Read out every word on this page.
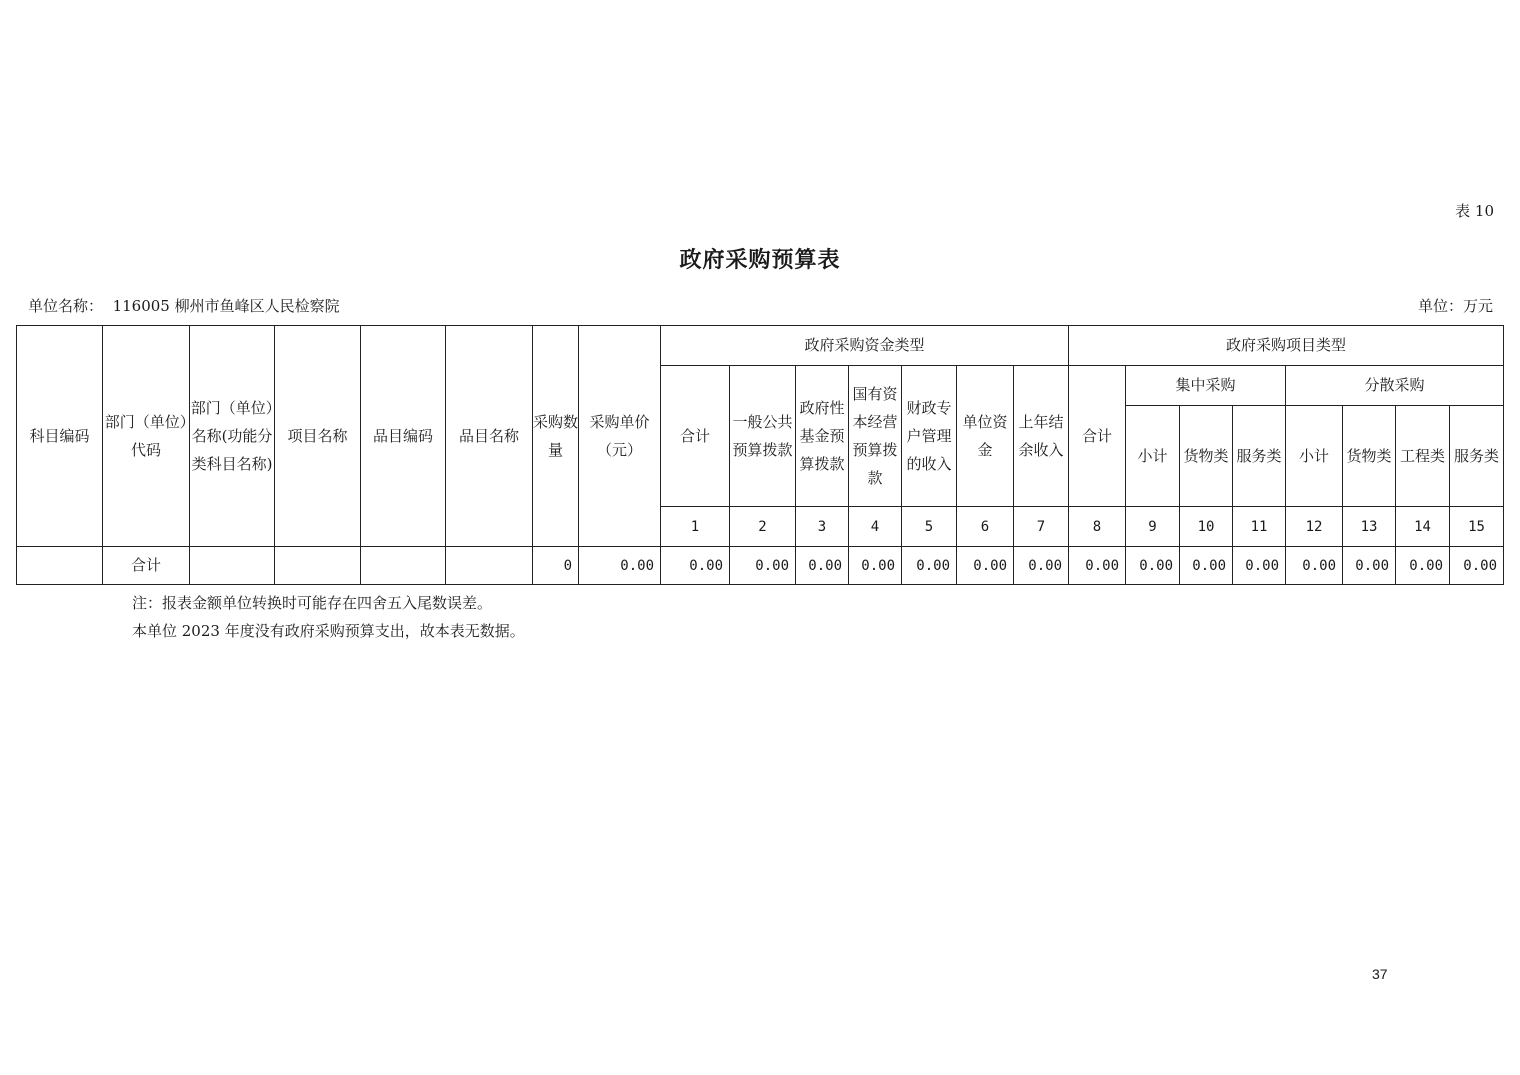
表 10
政府采购预算表
单位名称： 116005 柳州市鱼峰区人民检察院	单位：万元
科目编码	部门（单位）代码	部门（单位）名称(功能分类科目名称)	项目名称	品目编码	品目名称	采购数量	采购单价（元）	政府采购资金类型							政府采购项目类型							
								合计	一般公共预算拨款	政府性基金预算拨款	国有资本经营预算拨款	财政专户管理的收入	单位资金	上年结余收入	合计	集中采购			分散采购			
																小计	货物类	服务类	小计	货物类	工程类	服务类
								1	2	3	4	5	6	7	8	9	10	11	12	13	14	15
	合计					0	0.00	0.00	0.00	0.00	0.00	0.00	0.00	0.00	0.00	0.00	0.00	0.00	0.00	0.00	0.00	0.00
注：报表金额单位转换时可能存在四舍五入尾数误差。
本单位 2023 年度没有政府采购预算支出，故本表无数据。
37
